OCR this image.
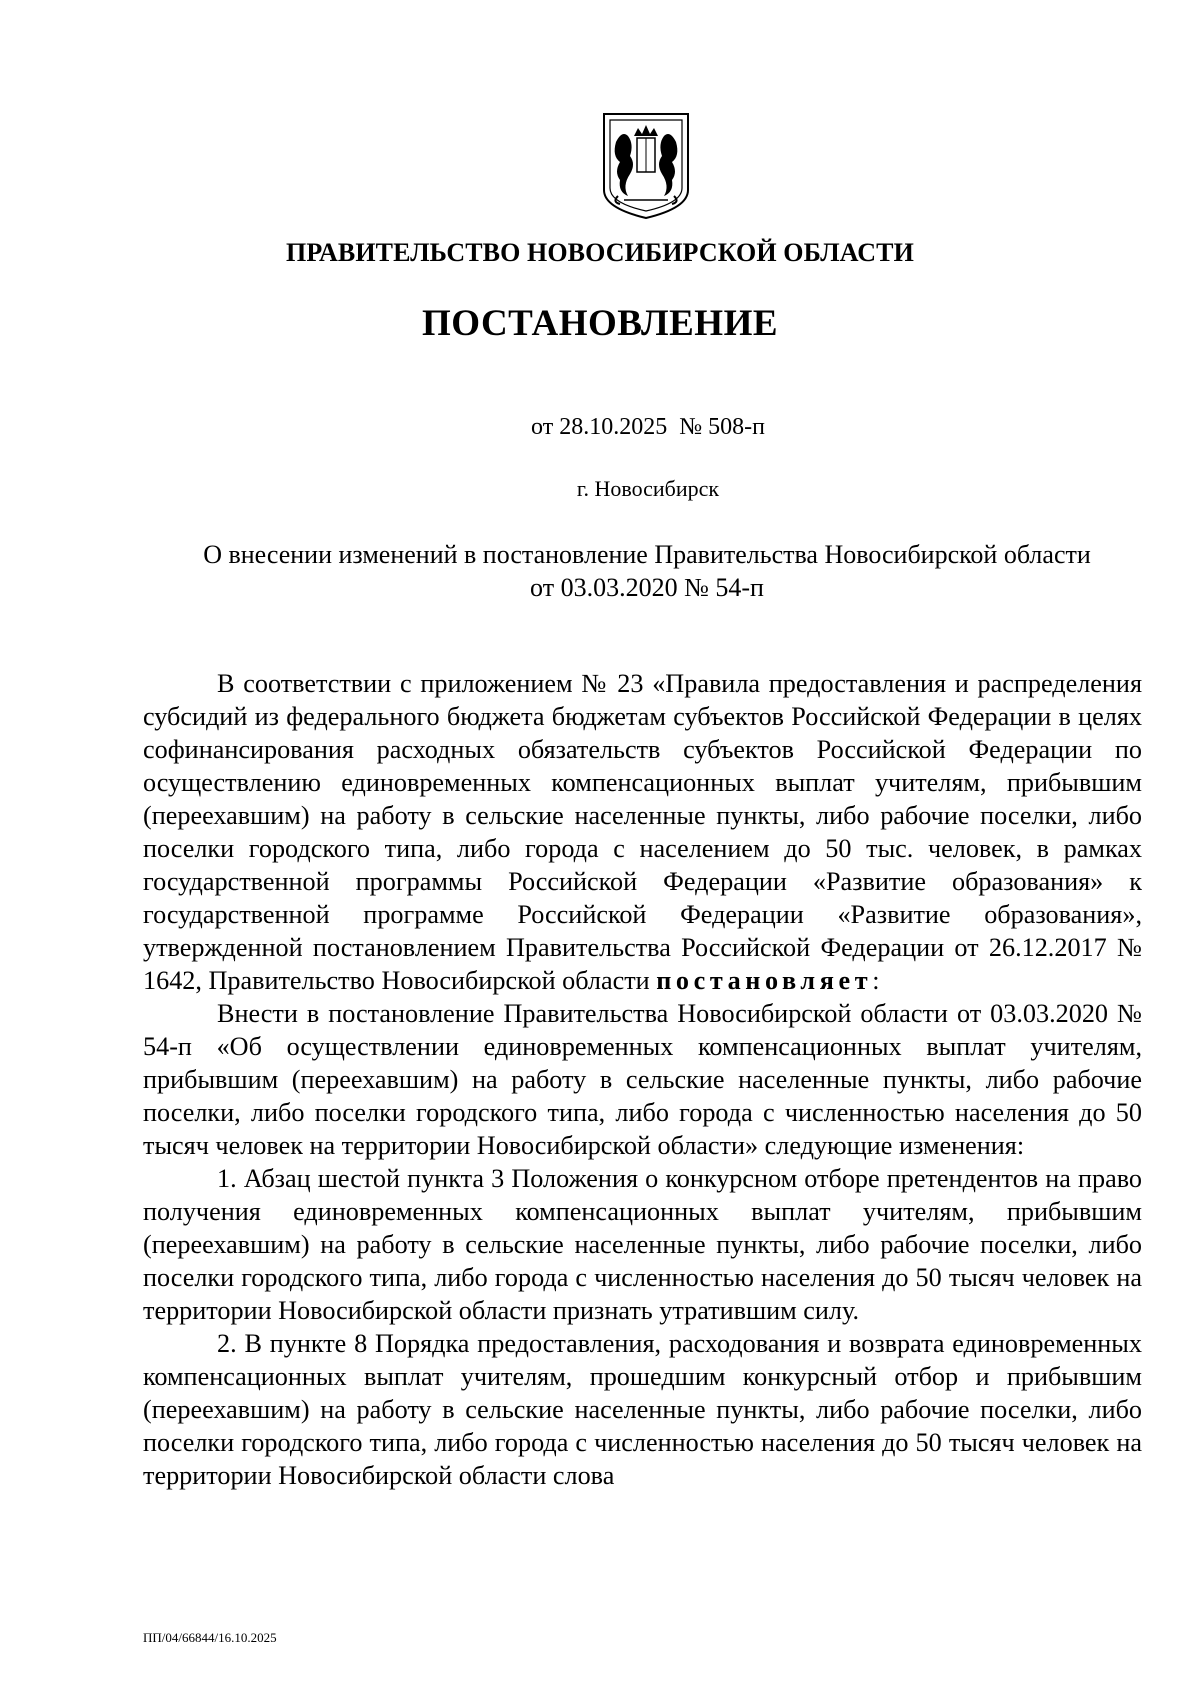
ПРАВИТЕЛЬСТВО НОВОСИБИРСКОЙ ОБЛАСТИ
ПОСТАНОВЛЕНИЕ
от 28.10.2025 № 508-п
г. Новосибирск
О внесении изменений в постановление Правительства Новосибирской области
от 03.03.2020 № 54-п

В соответствии с приложением № 23 «Правила предоставления и распределения субсидий из федерального бюджета бюджетам субъектов Российской Федерации в целях софинансирования расходных обязательств субъектов Российской Федерации по осуществлению единовременных компенсационных выплат учителям, прибывшим (переехавшим) на работу в сельские населенные пункты, либо рабочие поселки, либо поселки городского типа, либо города с населением до 50 тыс. человек, в рамках государственной программы Российской Федерации «Развитие образования» к государственной программе Российской Федерации «Развитие образования», утвержденной постановлением Правительства Российской Федерации от 26.12.2017 № 1642, Правительство Новосибирской области постановляет:

Внести в постановление Правительства Новосибирской области от 03.03.2020 № 54-п «Об осуществлении единовременных компенсационных выплат учителям, прибывшим (переехавшим) на работу в сельские населенные пункты, либо рабочие поселки, либо поселки городского типа, либо города с численностью населения до 50 тысяч человек на территории Новосибирской области» следующие изменения:

1. Абзац шестой пункта 3 Положения о конкурсном отборе претендентов на право получения единовременных компенсационных выплат учителям, прибывшим (переехавшим) на работу в сельские населенные пункты, либо рабочие поселки, либо поселки городского типа, либо города с численностью населения до 50 тысяч человек на территории Новосибирской области признать утратившим силу.

2. В пункте 8 Порядка предоставления, расходования и возврата единовременных компенсационных выплат учителям, прошедшим конкурсный отбор и прибывшим (переехавшим) на работу в сельские населенные пункты, либо рабочие поселки, либо поселки городского типа, либо города с численностью населения до 50 тысяч человек на территории Новосибирской области слова

ПП/04/66844/16.10.2025
